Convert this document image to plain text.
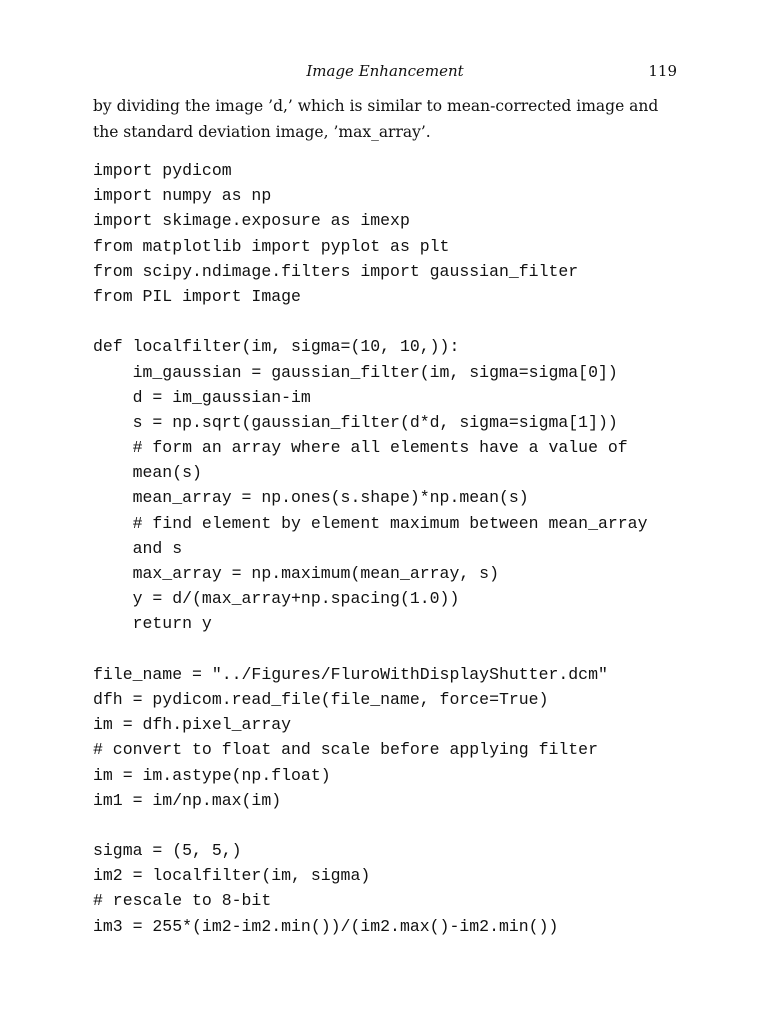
Image Enhancement	119

by dividing the image ’d,’ which is similar to mean-corrected image and
the standard deviation image, ’max_array’.

import pydicom
import numpy as np
import skimage.exposure as imexp
from matplotlib import pyplot as plt
from scipy.ndimage.filters import gaussian_filter
from PIL import Image
def localfilter(im, sigma=(10, 10,)):
im_gaussian = gaussian_filter(im, sigma=sigma[0])
d = im_gaussian-im
s = np.sqrt(gaussian_filter(d*d, sigma=sigma[1]))
# form an array where all elements have a value of
mean(s)
mean_array = np.ones(s.shape)*np.mean(s)
# find element by element maximum between mean_array
and s
max_array = np.maximum(mean_array, s)
y = d/(max_array+np.spacing(1.0))
return y
file_name = "../Figures/FluroWithDisplayShutter.dcm"
dfh = pydicom.read_file(file_name, force=True)
im = dfh.pixel_array
# convert to float and scale before applying filter
im = im.astype(np.float)
im1 = im/np.max(im)
sigma = (5, 5,)
im2 = localfilter(im, sigma)
# rescale to 8-bit
im3 = 255*(im2-im2.min())/(im2.max()-im2.min())
